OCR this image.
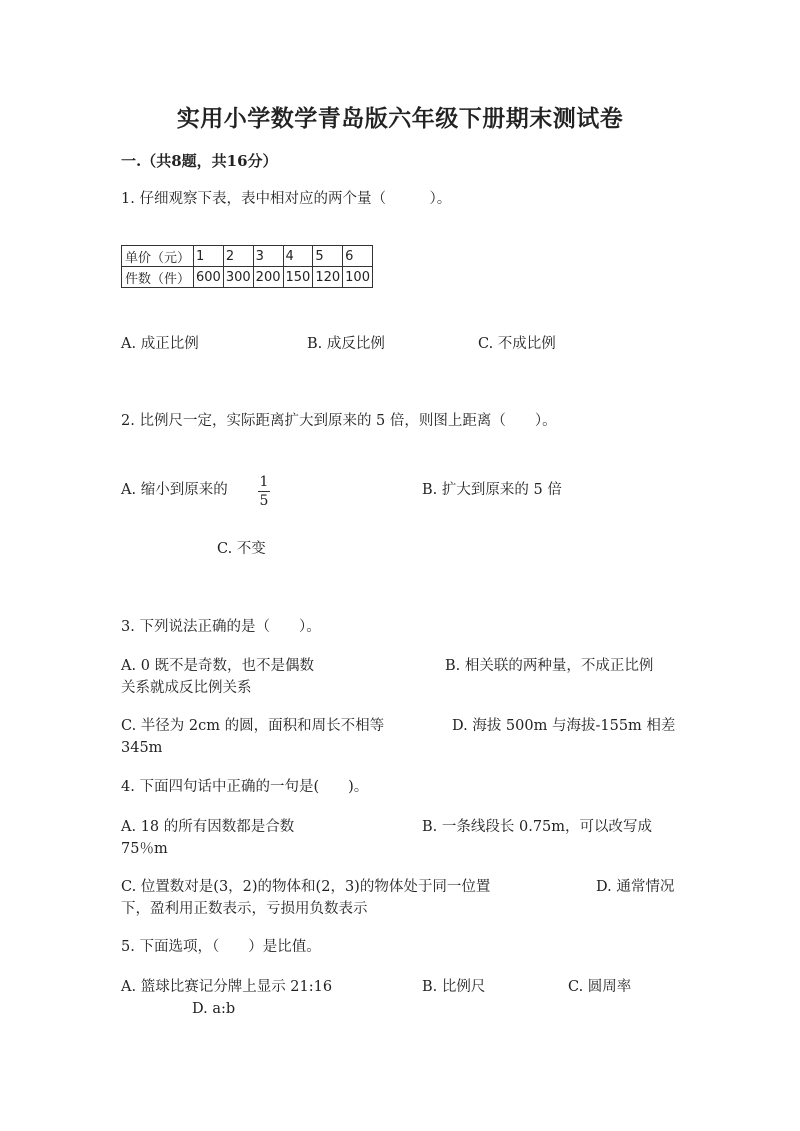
实用小学数学青岛版六年级下册期末测试卷
一.（共8题，共16分）
1. 仔细观察下表，表中相对应的两个量（　　　）。
单价（元）	1	2	3	4	5	6
件数（件）	600	300	200	150	120	100
A. 成正比例	B. 成反比例	C. 不成比例
2. 比例尺一定，实际距离扩大到原来的 5 倍，则图上距离（　　）。
A. 缩小到原来的 1
5
B. 扩大到原来的 5 倍
C. 不变
3. 下列说法正确的是（　　）。
A. 0 既不是奇数，也不是偶数	B. 相关联的两种量，不成正比例
关系就成反比例关系
C. 半径为 2cm 的圆，面积和周长不相等	D. 海拔 500m 与海拔-155m 相差
345m
4. 下面四句话中正确的一句是(　　)。
A. 18 的所有因数都是合数	B. 一条线段长 0.75m，可以改写成
75％m
C. 位置数对是(3，2)的物体和(2，3)的物体处于同一位置	D. 通常情况
下，盈利用正数表示，亏损用负数表示
5. 下面选项，（　　）是比值。
A. 篮球比赛记分牌上显示 21:16	B. 比例尺	C. 圆周率
D. a:b
